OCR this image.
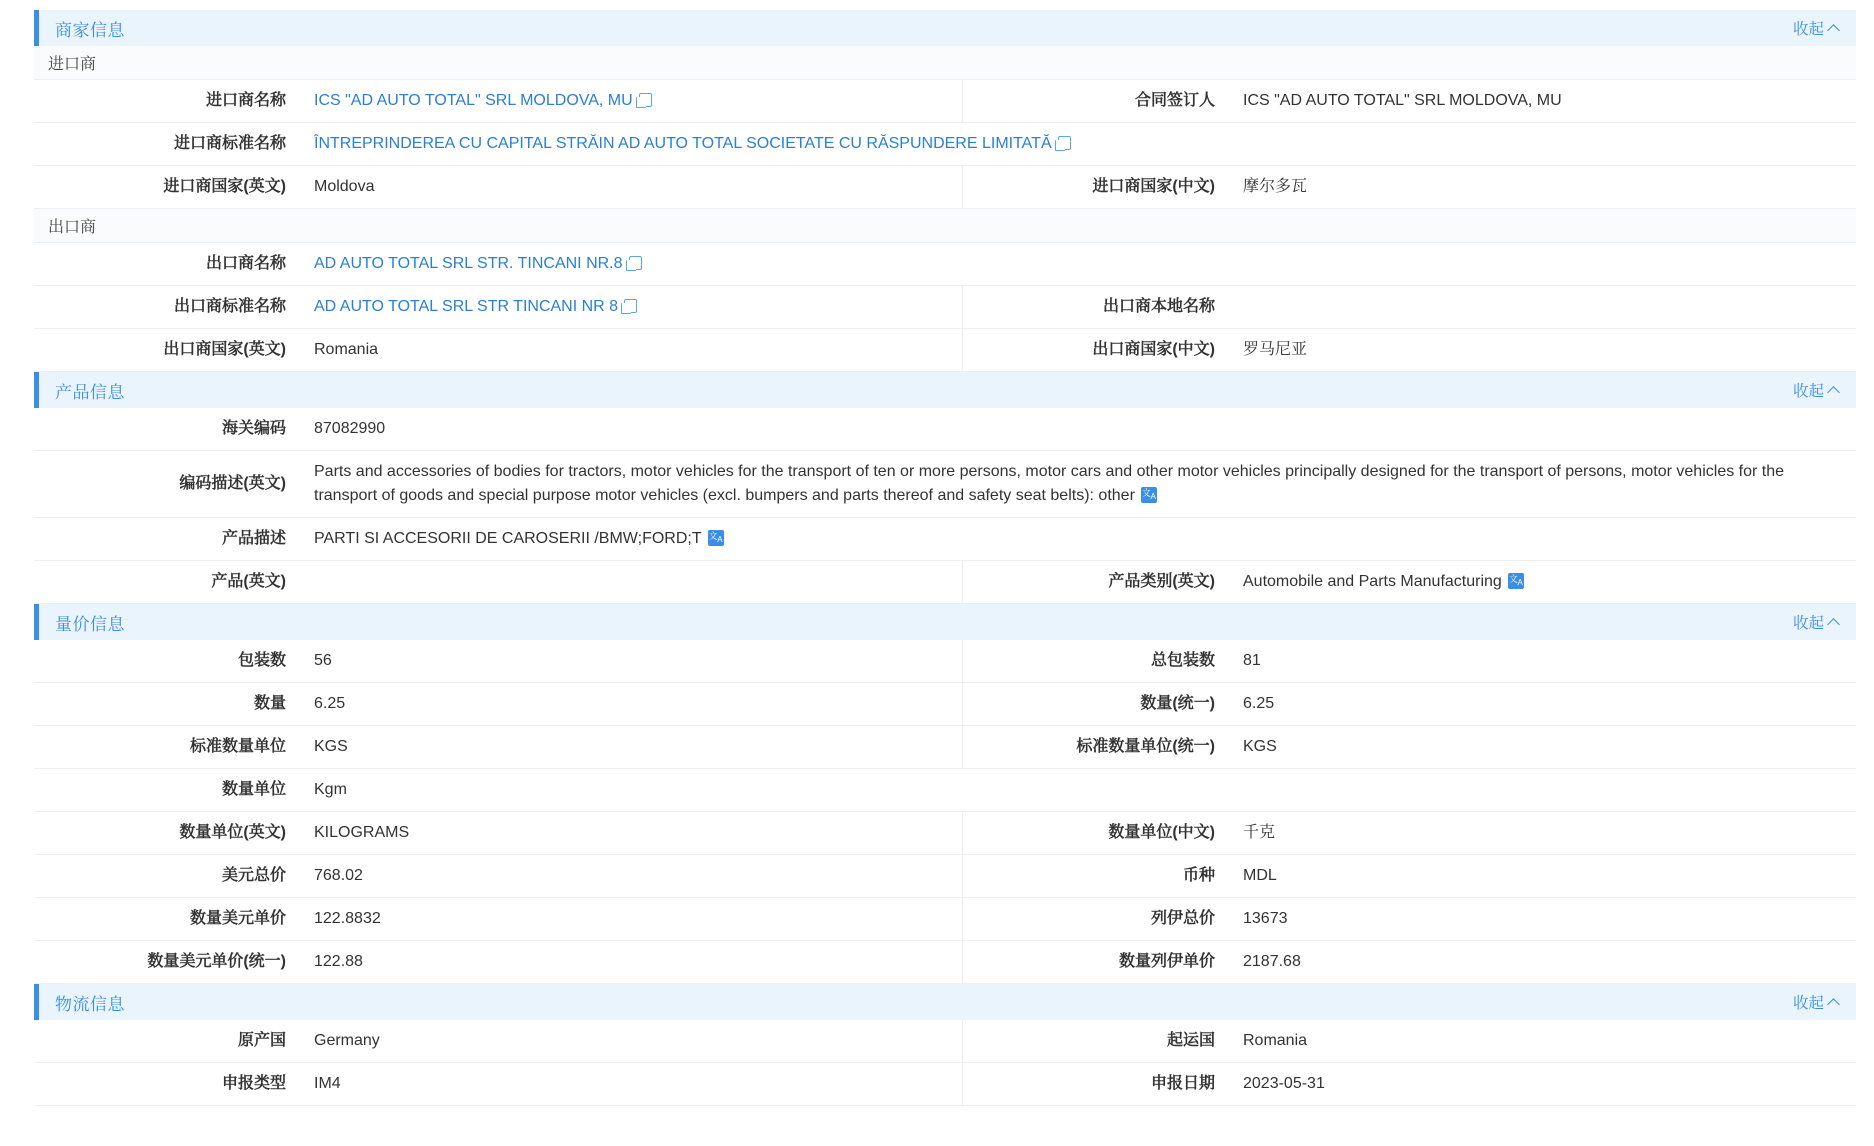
商家信息	收起
进口商
进口商名称	ICS "AD AUTO TOTAL" SRL MOLDOVA, MU		合同签订人	ICS "AD AUTO TOTAL" SRL MOLDOVA, MU
进口商标准名称	ÎNTREPRINDEREA CU CAPITAL STRĂIN AD AUTO TOTAL SOCIETATE CU RĂSPUNDERE LIMITATĂ		
进口商国家(英文)	Moldova		进口商国家(中文)	摩尔多瓦
出口商
出口商名称	AD AUTO TOTAL SRL STR. TINCANI NR.8		
出口商标准名称	AD AUTO TOTAL SRL STR TINCANI NR 8		出口商本地名称	
出口商国家(英文)	Romania		出口商国家(中文)	罗马尼亚
产品信息	收起
海关编码	87082990		
编码描述(英文)	Parts and accessories of bodies for tractors, motor vehicles for the transport of ten or more persons, motor cars and other motor vehicles principally designed for the transport of persons, motor vehicles for the transport of goods and special purpose motor vehicles (excl. bumpers and parts thereof and safety seat belts): other文 A
产品描述	PARTI SI ACCESORII DE CAROSERII /BMW;FORD;T文 A
产品(英文)			产品类别(英文)	Automobile and Parts Manufacturing文 A
量价信息	收起
包装数	56		总包装数	81
数量	6.25		数量(统一)	6.25
标准数量单位	KGS		标准数量单位(统一)	KGS
数量单位	Kgm		
数量单位(英文)	KILOGRAMS		数量单位(中文)	千克
美元总价	768.02		币种	MDL
数量美元单价	122.8832		列伊总价	13673
数量美元单价(统一)	122.88		数量列伊单价	2187.68
物流信息	收起
原产国	Germany		起运国	Romania
申报类型	IM4		申报日期	2023-05-31
